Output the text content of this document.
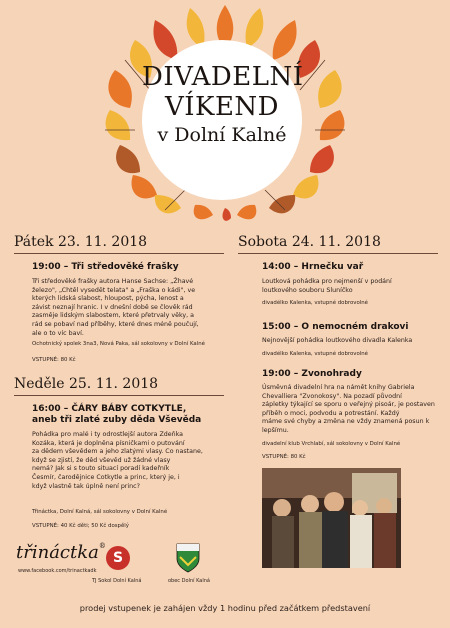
DIVADELNÍ
VÍKEND
v Dolní Kalné
Pátek 23. 11. 2018
19:00 – Tři středověké frašky
Tři středověké frašky autora Hanse Sachse: „Žhavé
železo", „Chtěl vysedět telata" a „Fraška o kádi", ve
kterých lidská slabost, hloupost, pýcha, lenost a
závist neznají hranic. I v dnešní době se člověk rád
zasměje lidským slabostem, které přetrvaly věky, a
rád se pobaví nad příběhy, které dnes méně poučují,
ale o to víc baví.
Ochotnický spolek 3na3, Nová Paka, sál sokolovny v Dolní Kalné
VSTUPNÉ: 80 Kč
Neděle 25. 11. 2018
16:00 – ČÁRY BÁBY COTKYTLE,
aneb tři zlaté zuby děda Vševěda
Pohádka pro malé i ty odrostlejší autora Zdeňka
Kozáka, která je doplněna písničkami o putování
za dědem vševědem a jeho zlatými vlasy. Co nastane,
když se zjistí, že děd vševěd už žádné vlasy
nemá? Jak si s touto situací poradí kadeřník
Česmír, čarodějnice Cotkytle a princ, který je, i
když vlastně tak úplně není princ?
Třináctka, Dolní Kalná, sál sokolovny v Dolní Kalné
VSTUPNÉ: 40 Kč děti; 50 Kč dospělý
Sobota 24. 11. 2018
14:00 – Hrnečku vař
Loutková pohádka pro nejmenší v podání
loutkového souboru Sluníčko
divadélko Kalenka, vstupné dobrovolné
15:00 – O nemocném drakovi
Nejnovější pohádka loutkového divadla Kalenka
divadélko Kalenka, vstupné dobrovolné
19:00 – Zvonohrady
Úsměvná divadelní hra na námět knihy Gabriela
Chevalliera "Zvonokosy". Na pozadí původní
zápletky týkající se sporu o veřejný pisoár, je postaven
příběh o moci, podvodu a potrestání. Každý
máme své chyby a změna ne vždy znamená posun k
lepšímu.
divadelní klub Vrchlabí, sál sokolovny v Dolní Kalné
VSTUPNÉ: 80 Kč
třináctka®
www.facebook.com/trinactkadk
S
TJ Sokol Dolní Kalná	obec Dolní Kalná
prodej vstupenek je zahájen vždy 1 hodinu před začátkem představení
